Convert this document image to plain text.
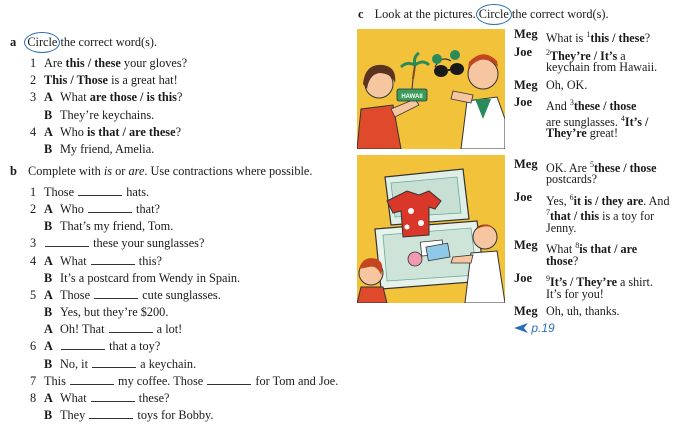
a Circle the correct word(s).
1 Are this / these your gloves?
2 This / Those is a great hat!
3 A What are those / is this?
B They’re keychains.
4 A Who is that / are these?
B My friend, Amelia.
b Complete with is or are. Use contractions where possible.
1 Those	hats.
2 A Who	that?
B That’s my friend, Tom.
3	these your sunglasses?
4 A What	this?
B It’s a postcard from Wendy in Spain.
5 A Those	cute sunglasses.
B Yes, but they’re $200.
A Oh! That	a lot!
6 A	that a toy?
B No, it	a keychain.
7 This	my coffee. Those	for Tom and Joe.
8 A What	these?
B They	toys for Bobby.
c Look at the pictures. Circle the correct word(s).
HAWAII
Meg What is $^1$this / these?
Joe $^2$They’re / It’s a
keychain from Hawaii.
Meg Oh, OK.
Joe And $^3$these / those
are sunglasses. $^4$It’s /
They’re great!
Meg OK. Are $^5$these / those
postcards?
Joe Yes, $^6$it is / they are. And
$^7$that / this is a toy for
Jenny.
Meg What $^8$is that / are
those?
Joe $^9$It’s / They’re a shirt.
It’s for you!
Meg Oh, uh, thanks.
p.19
